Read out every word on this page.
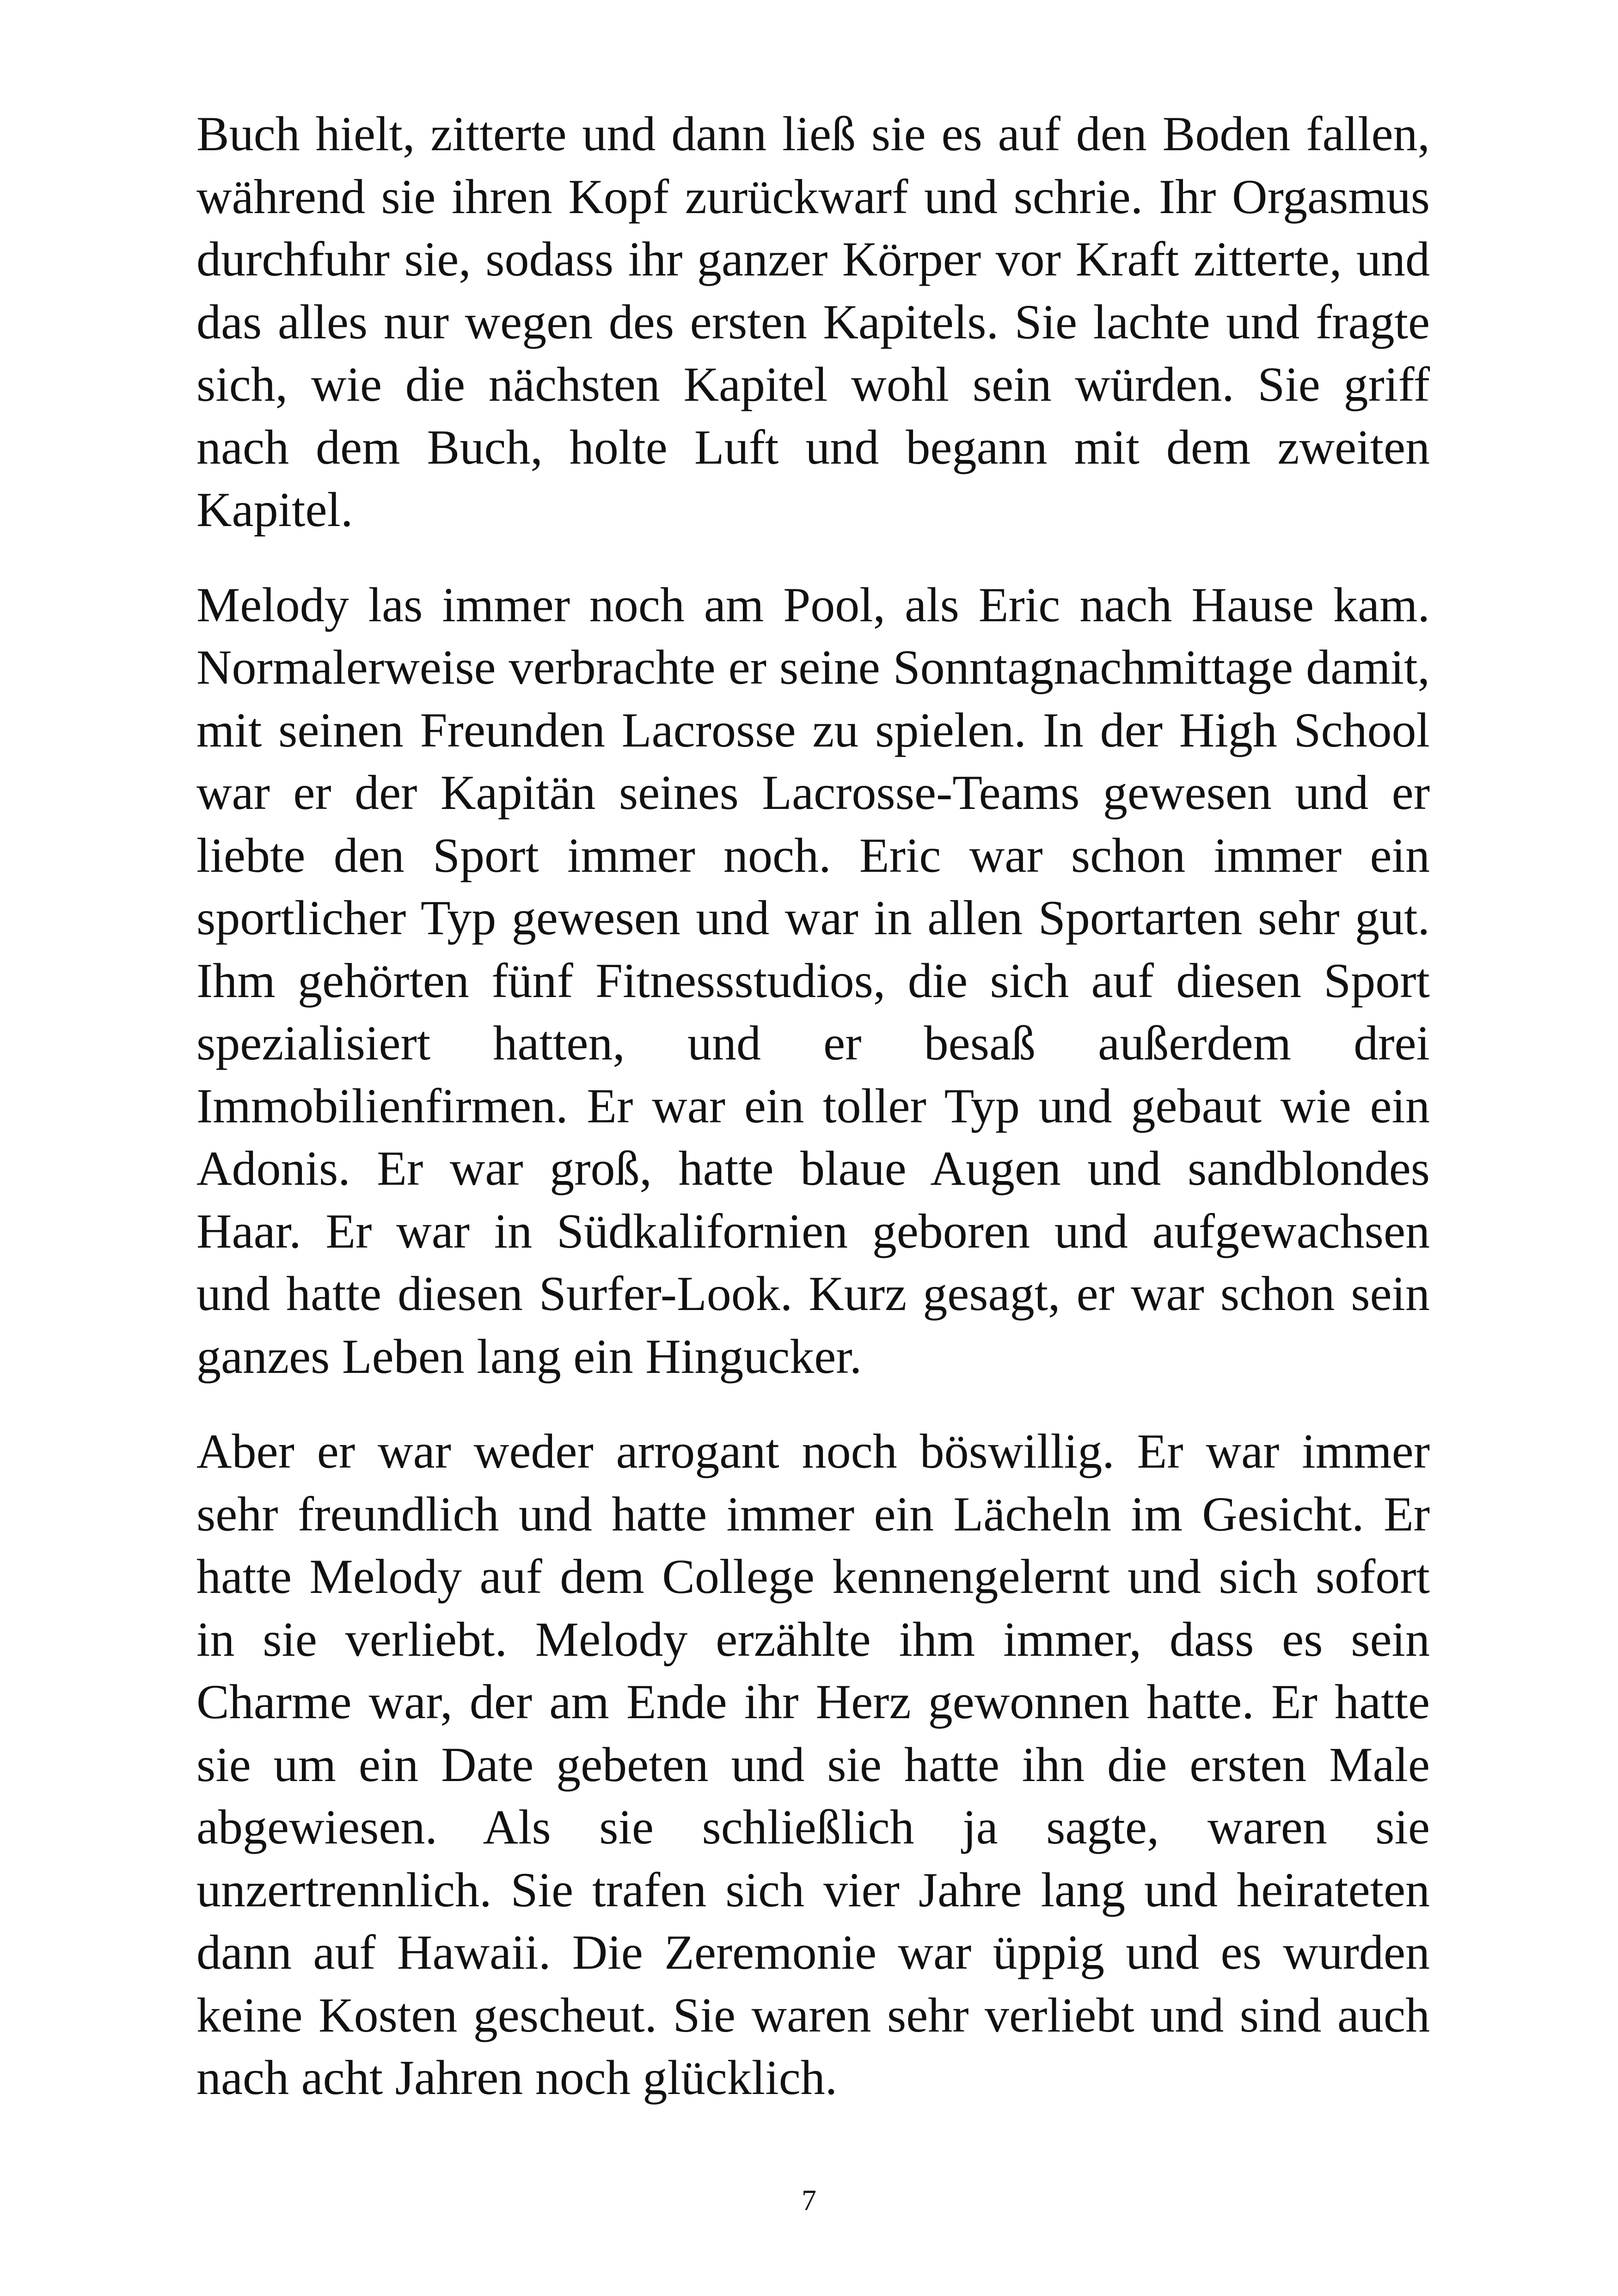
Buch hielt, zitterte und dann ließ sie es auf den Boden fallen, während sie ihren Kopf zurückwarf und schrie. Ihr Orgasmus durchfuhr sie, sodass ihr ganzer Körper vor Kraft zitterte, und das alles nur wegen des ersten Kapitels. Sie lachte und fragte sich, wie die nächsten Kapitel wohl sein würden. Sie griff nach dem Buch, holte Luft und begann mit dem zweiten Kapitel.

Melody las immer noch am Pool, als Eric nach Hause kam. Normalerweise verbrachte er seine Sonntagnachmittage damit, mit seinen Freunden Lacrosse zu spielen. In der High School war er der Kapitän seines Lacrosse-Teams gewesen und er liebte den Sport immer noch. Eric war schon immer ein sportlicher Typ gewesen und war in allen Sportarten sehr gut. Ihm gehörten fünf Fitnessstudios, die sich auf diesen Sport spezialisiert hatten, und er besaß außerdem drei Immobilienfirmen. Er war ein toller Typ und gebaut wie ein Adonis. Er war groß, hatte blaue Augen und sandblondes Haar. Er war in Südkalifornien geboren und aufgewachsen und hatte diesen Surfer-Look. Kurz gesagt, er war schon sein ganzes Leben lang ein Hingucker.

Aber er war weder arrogant noch böswillig. Er war immer sehr freundlich und hatte immer ein Lächeln im Gesicht. Er hatte Melody auf dem College kennengelernt und sich sofort in sie verliebt. Melody erzählte ihm immer, dass es sein Charme war, der am Ende ihr Herz gewonnen hatte. Er hatte sie um ein Date gebeten und sie hatte ihn die ersten Male abgewiesen. Als sie schließlich ja sagte, waren sie unzertrennlich. Sie trafen sich vier Jahre lang und heirateten dann auf Hawaii. Die Zeremonie war üppig und es wurden keine Kosten gescheut. Sie waren sehr verliebt und sind auch nach acht Jahren noch glücklich.

7
